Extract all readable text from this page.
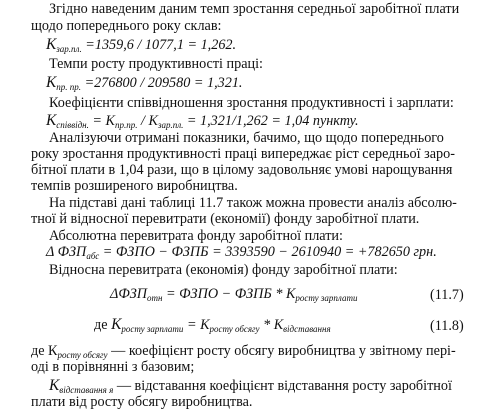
Згідно наведеним даним темп зростання середньої заробітної плати
щодо попереднього року склав:
$К_{зар.пл.} =1359,6 / 1077,1 = 1,262$.
Темпи росту продуктивності праці:
$К_{пр. пр.} =276800 / 209580 = 1,321$.
Коефіцієнти співвідношення зростання продуктивності і зарплати:
$К_{співвідн.} = К_{пр.пр.} / К_{зар.пл.} = 1,321/1,262 = 1,04$ пункту.
Аналізуючи отримані показники, бачимо, що щодо попереднього
року зростання продуктивності праці випереджає ріст середньої заро-
бітної плати в 1,04 рази, що в цілому задовольняє умові нарощування
темпів розширеного виробництва.
На підставі дані таблиці 11.7 також можна провести аналіз абсолю-
тної й відносної перевитрати (економії) фонду заробітної плати.
Абсолютна перевитрата фонду заробітної плати:
Δ $ФЗП_{абс}$ = ФЗПО − ФЗПБ = 3393590 − 2610940 = +782650 грн.
Відносна перевитрата (економія) фонду заробітної плати:
$\Delta ФЗП_{отн}$ = ФЗПО − ФЗПБ * $К_{росту зарплати}$	(11.7)
де $К_{росту зарплати} = К_{росту обсягу} * К_{відставання}$	(11.8)
де $К_{росту обсягу}$ — коефіцієнт росту обсягу виробництва у звітному пері-
оді в порівнянні з базовим;
$К_{відставання я}$ — відставання коефіцієнт відставання росту заробітної
плати від росту обсягу виробництва.
